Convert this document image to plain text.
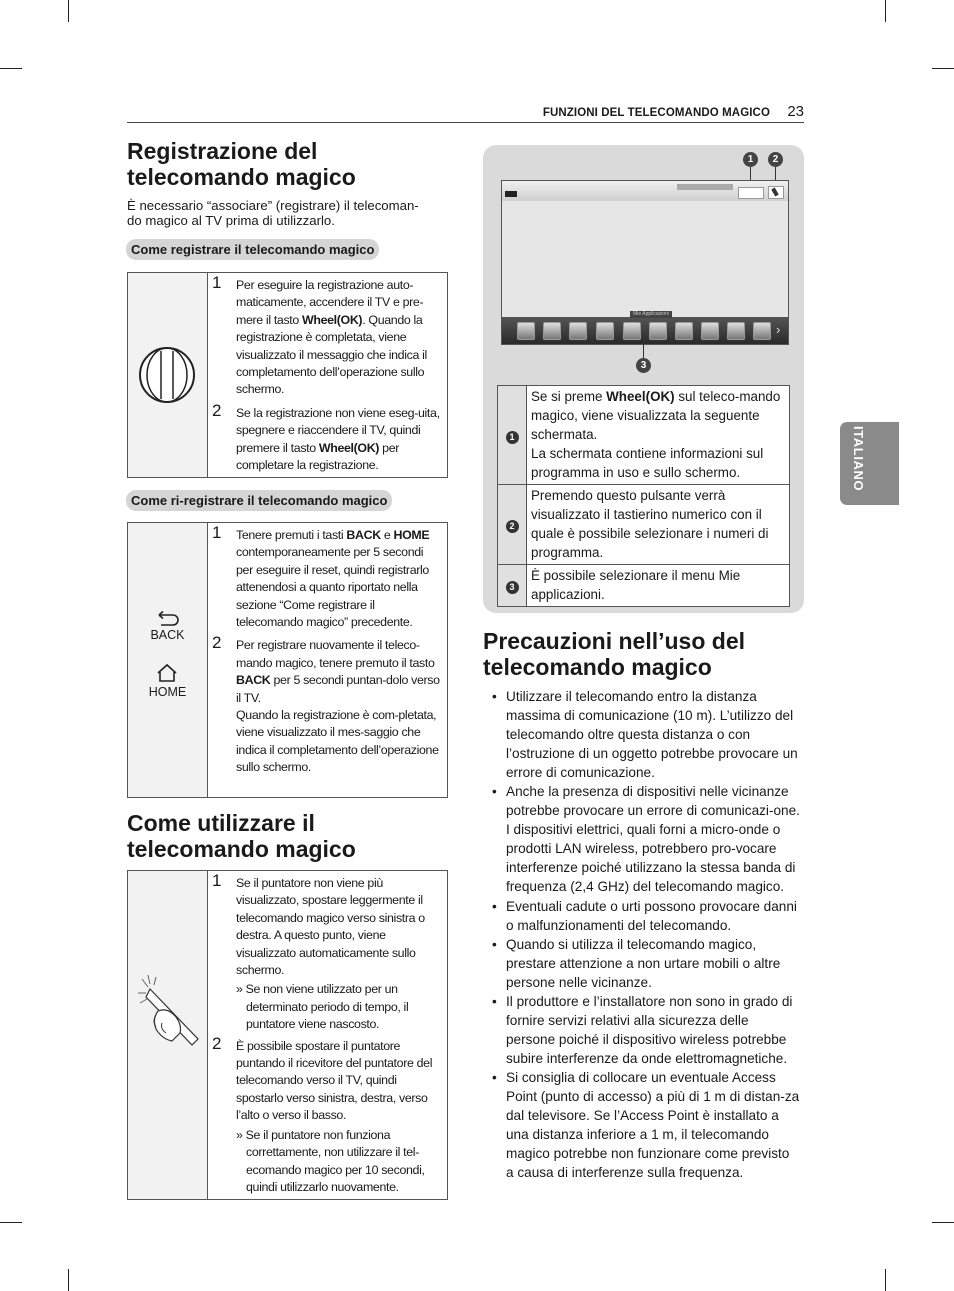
FUNZIONI DEL TELECOMANDO MAGICO 23
ITALIANO
Registrazione del
telecomando magico
È necessario “associare” (registrare) il telecoman-
do magico al TV prima di utilizzarlo.
Come registrare il telecomando magico
1 Per eseguire la registrazione auto-maticamente, accendere il TV e pre-mere il tasto Wheel(OK). Quando la registrazione è completata, viene visualizzato il messaggio che indica il completamento dell’operazione sullo schermo.

2 Se la registrazione non viene eseg-uita, spegnere e riaccendere il TV, quindi premere il tasto Wheel(OK) per completare la registrazione.

Come ri-registrare il telecomando magico
BACK
HOME
1 Tenere premuti i tasti BACK e HOME contemporaneamente per 5 secondi per eseguire il reset, quindi registrarlo attenendosi a quanto riportato nella sezione “Come registrare il telecomando magico” precedente.

2 Per registrare nuovamente il teleco-mando magico, tenere premuto il tasto BACK per 5 secondi puntan-dolo verso il TV.

Quando la registrazione è com-pletata, viene visualizzato il mes-saggio che indica il completamento dell’operazione sullo schermo.

Come utilizzare il
telecomando magico
1 Se il puntatore non viene più visualizzato, spostare leggermente il telecomando magico verso sinistra o destra. A questo punto, viene visualizzato automaticamente sullo schermo.

» Se non viene utilizzato per un determinato periodo di tempo, il puntatore viene nascosto.

2 È possibile spostare il puntatore puntando il ricevitore del puntatore del telecomando verso il TV, quindi spostarlo verso sinistra, destra, verso l’alto o verso il basso.

» Se il puntatore non funziona correttamente, non utilizzare il tel-ecomando magico per 10 secondi, quindi utilizzarlo nuovamente.

1	2
Mie Applicazioni
›
3
1	Se si preme Wheel(OK) sul teleco-mando magico, viene visualizzata la seguente schermata.
La schermata contiene informazioni sul programma in uso e sullo schermo.
2	Premendo questo pulsante verrà visualizzato il tastierino numerico con il quale è possibile selezionare i numeri di programma.
3	È possibile selezionare il menu Mie applicazioni.
Precauzioni nell’uso del
telecomando magico
• Utilizzare il telecomando entro la distanza massima di comunicazione (10 m). L’utilizzo del telecomando oltre questa distanza o con l’ostruzione di un oggetto potrebbe provocare un errore di comunicazione.
• Anche la presenza di dispositivi nelle vicinanze potrebbe provocare un errore di comunicazi-one. I dispositivi elettrici, quali forni a micro-onde o prodotti LAN wireless, potrebbero pro-vocare interferenze poiché utilizzano la stessa banda di frequenza (2,4 GHz) del telecomando magico.
• Eventuali cadute o urti possono provocare danni o malfunzionamenti del telecomando.
• Quando si utilizza il telecomando magico, prestare attenzione a non urtare mobili o altre persone nelle vicinanze.
• Il produttore e l’installatore non sono in grado di fornire servizi relativi alla sicurezza delle persone poiché il dispositivo wireless potrebbe subire interferenze da onde elettromagnetiche.
• Si consiglia di collocare un eventuale Access Point (punto di accesso) a più di 1 m di distan-za dal televisore. Se l’Access Point è installato a una distanza inferiore a 1 m, il telecomando magico potrebbe non funzionare come previsto a causa di interferenze sulla frequenza.
